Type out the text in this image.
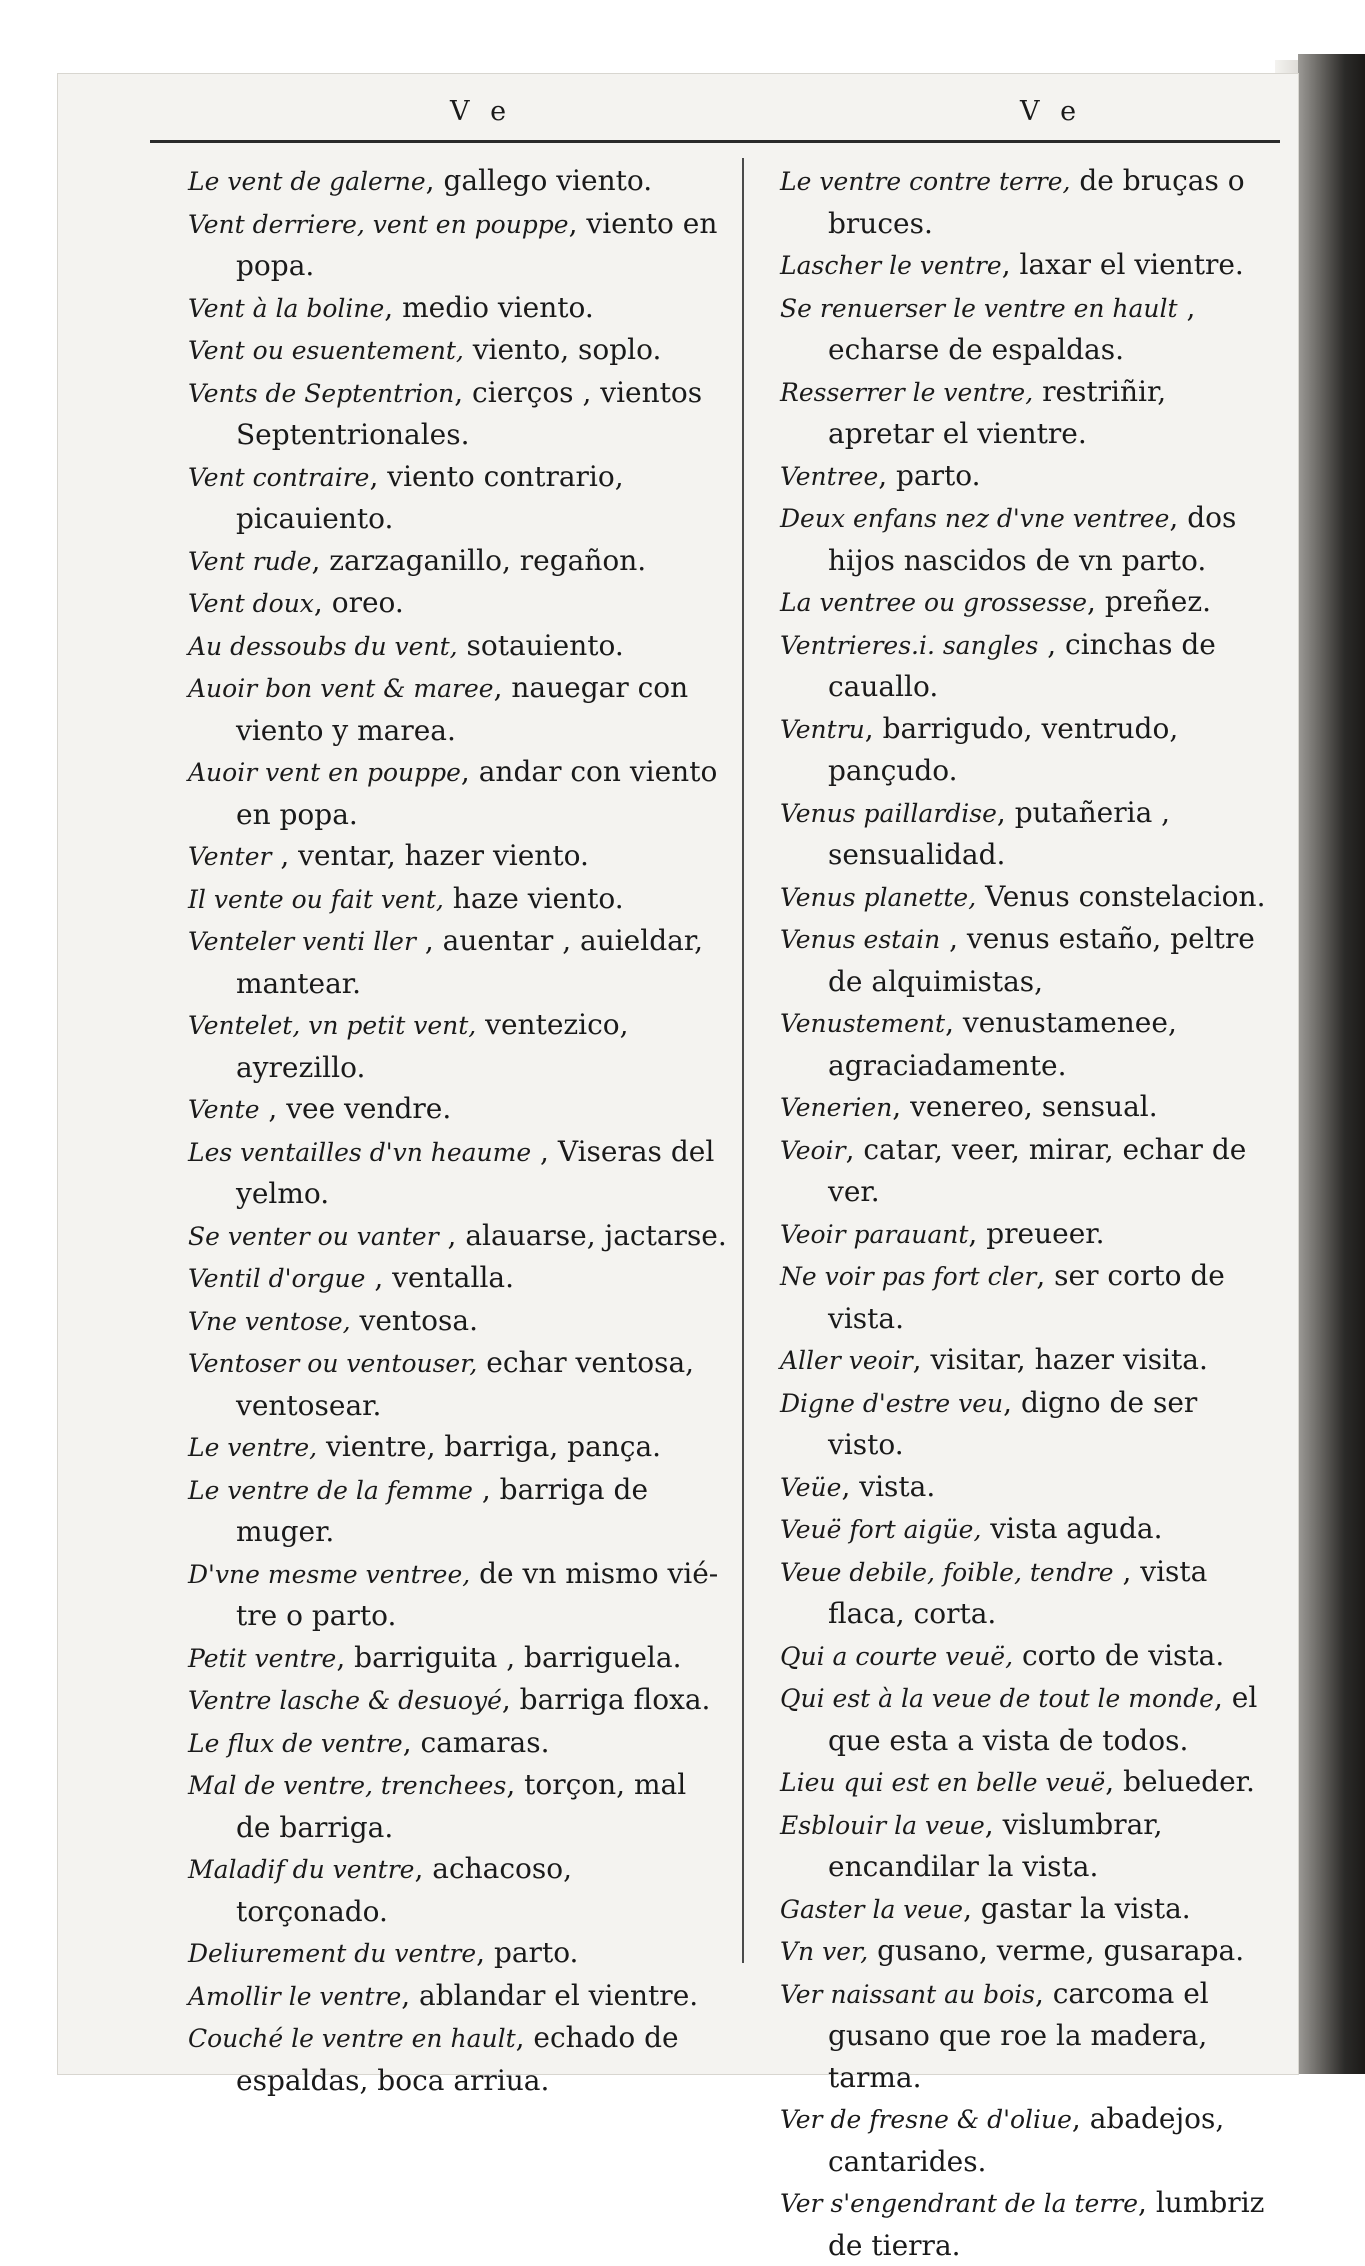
V e	V e

Le vent de galerne, gallego viento.

Vent derriere, vent en pouppe, viento en popa.

Vent à la boline, medio viento.

Vent ou esuentement, viento, soplo.

Vents de Septentrion, cierços , vientos Septentrionales.

Vent contraire, viento contrario, picauiento.

Vent rude, zarzaganillo, regañon.

Vent doux, oreo.

Au dessoubs du vent, sotauiento.

Auoir bon vent & maree, nauegar con viento y marea.

Auoir vent en pouppe, andar con viento en popa.

Venter , ventar, hazer viento.

Il vente ou fait vent, haze viento.

Venteler venti ller , auentar , auieldar, mantear.

Ventelet, vn petit vent, ventezico, ayrezillo.

Vente , vee vendre.

Les ventailles d'vn heaume , Viseras del yelmo.

Se venter ou vanter , alauarse, jactarse.

Ventil d'orgue , ventalla.

Vne ventose, ventosa.

Ventoser ou ventouser, echar ventosa, ventosear.

Le ventre, vientre, barriga, pança.

Le ventre de la femme , barriga de muger.

D'vne mesme ventree, de vn mismo vié-tre o parto.

Petit ventre, barriguita , barriguela.

Ventre lasche & desuoyé, barriga floxa.

Le flux de ventre, camaras.

Mal de ventre, trenchees, torçon, mal de barriga.

Maladif du ventre, achacoso, torçonado.

Deliurement du ventre, parto.

Amollir le ventre, ablandar el vientre.

Couché le ventre en hault, echado de espaldas, boca arriua.

Le ventre contre terre, de bruças o bruces.

Lascher le ventre, laxar el vientre.

Se renuerser le ventre en hault , echarse de espaldas.

Resserrer le ventre, restriñir, apretar el vientre.

Ventree, parto.

Deux enfans nez d'vne ventree, dos hijos nascidos de vn parto.

La ventree ou grossesse, preñez.

Ventrieres.i. sangles , cinchas de cauallo.

Ventru, barrigudo, ventrudo, pançudo.

Venus paillardise, putañeria , sensualidad.

Venus planette, Venus constelacion.

Venus estain , venus estaño, peltre de alquimistas,

Venustement, venustamenee, agraciadamente.

Venerien, venereo, sensual.

Veoir, catar, veer, mirar, echar de ver.

Veoir parauant, preueer.

Ne voir pas fort cler, ser corto de vista.

Aller veoir, visitar, hazer visita.

Digne d'estre veu, digno de ser visto.

Veüe, vista.

Veuë fort aigüe, vista aguda.

Veue debile, foible, tendre , vista flaca, corta.

Qui a courte veuë, corto de vista.

Qui est à la veue de tout le monde, el que esta a vista de todos.

Lieu qui est en belle veuë, belueder.

Esblouir la veue, vislumbrar, encandilar la vista.

Gaster la veue, gastar la vista.

Vn ver, gusano, verme, gusarapa.

Ver naissant au bois, carcoma el gusano que roe la madera, tarma.

Ver de fresne & d'oliue, abadejos, cantarides.

Ver s'engendrant de la terre, lumbriz de tierra.
